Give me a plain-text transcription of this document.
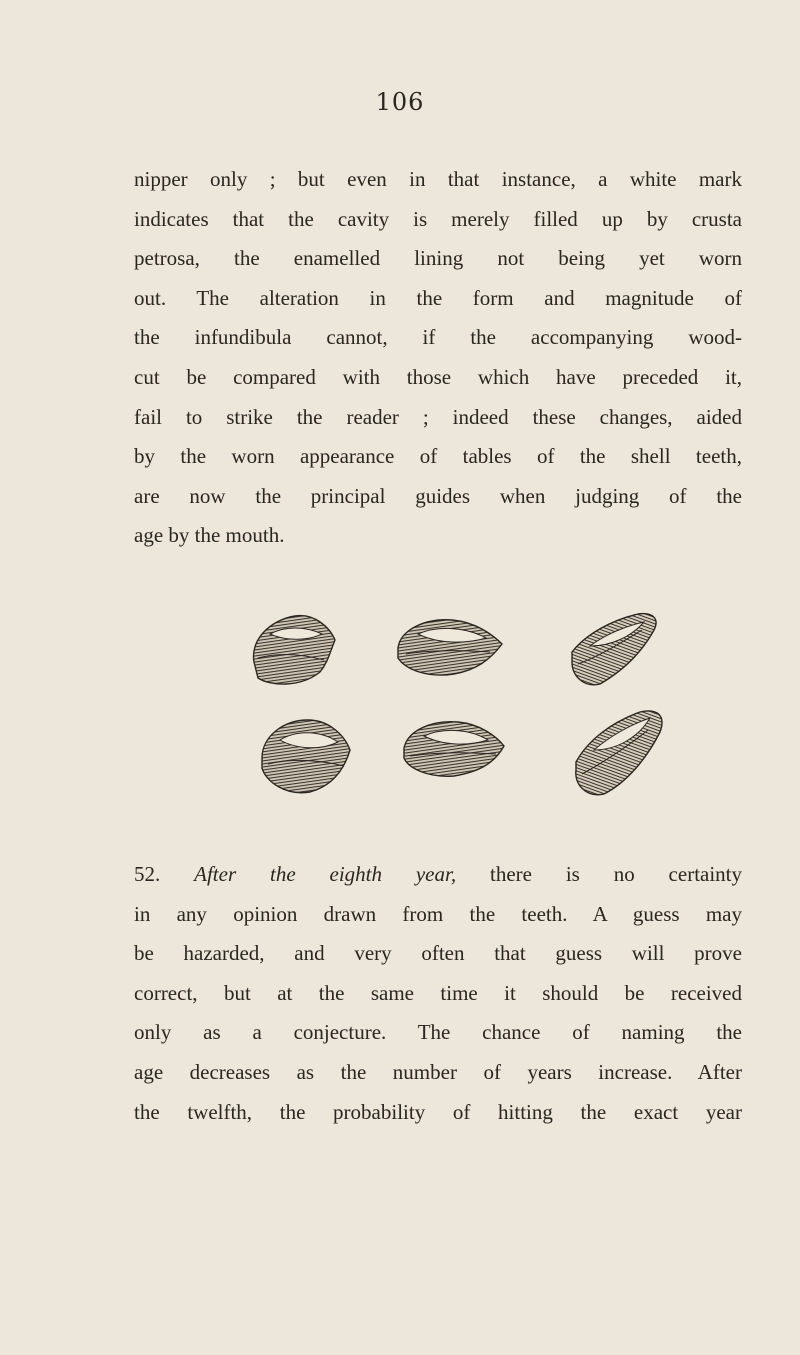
106
nipper only ; but even in that instance, a white mark
indicates that the cavity is merely filled up by crusta
petrosa, the enamelled lining not being yet worn
out. The alteration in the form and magnitude of
the infundibula cannot, if the accompanying wood-
cut be compared with those which have preceded it,
fail to strike the reader ; indeed these changes, aided
by the worn appearance of tables of the shell teeth,
are now the principal guides when judging of the
age by the mouth.
52. After the eighth year, there is no certainty
in any opinion drawn from the teeth. A guess may
be hazarded, and very often that guess will prove
correct, but at the same time it should be received
only as a conjecture. The chance of naming the
age decreases as the number of years increase. After
the twelfth, the probability of hitting the exact year
